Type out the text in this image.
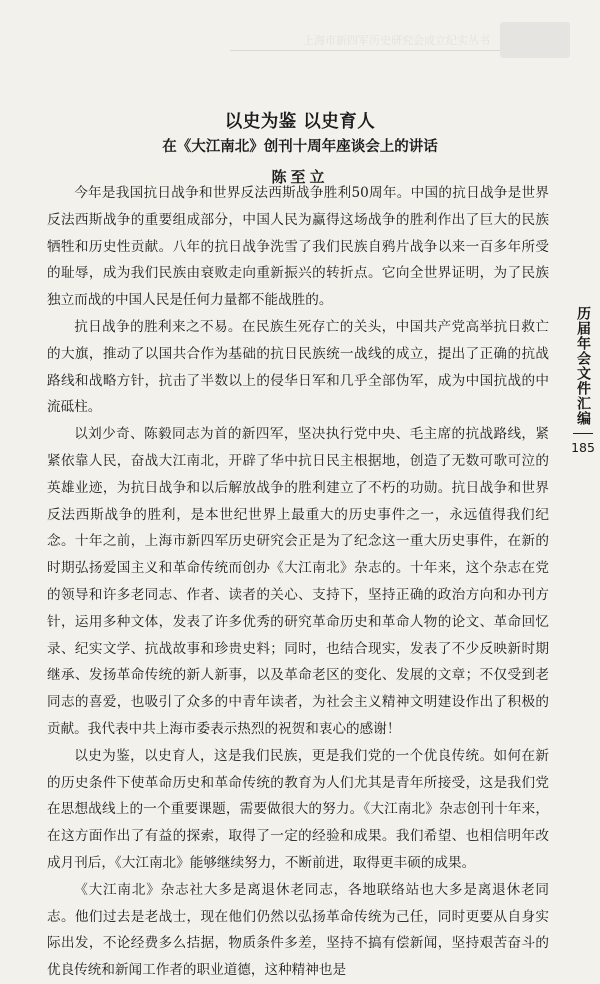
上海市新四军历史研究会成立纪实丛书
以史为鉴 以史育人
在《大江南北》创刊十周年座谈会上的讲话
陈至立

今年是我国抗日战争和世界反法西斯战争胜利50周年。中国的抗日战争是世界反法西斯战争的重要组成部分，中国人民为赢得这场战争的胜利作出了巨大的民族牺牲和历史性贡献。八年的抗日战争洗雪了我们民族自鸦片战争以来一百多年所受的耻辱，成为我们民族由衰败走向重新振兴的转折点。它向全世界证明，为了民族独立而战的中国人民是任何力量都不能战胜的。

抗日战争的胜利来之不易。在民族生死存亡的关头，中国共产党高举抗日救亡的大旗，推动了以国共合作为基础的抗日民族统一战线的成立，提出了正确的抗战路线和战略方针，抗击了半数以上的侵华日军和几乎全部伪军，成为中国抗战的中流砥柱。

以刘少奇、陈毅同志为首的新四军，坚决执行党中央、毛主席的抗战路线，紧紧依靠人民，奋战大江南北，开辟了华中抗日民主根据地，创造了无数可歌可泣的英雄业迹，为抗日战争和以后解放战争的胜利建立了不朽的功勋。抗日战争和世界反法西斯战争的胜利，是本世纪世界上最重大的历史事件之一，永远值得我们纪念。十年之前，上海市新四军历史研究会正是为了纪念这一重大历史事件，在新的时期弘扬爱国主义和革命传统而创办《大江南北》杂志的。十年来，这个杂志在党的领导和许多老同志、作者、读者的关心、支持下，坚持正确的政治方向和办刊方针，运用多种文体，发表了许多优秀的研究革命历史和革命人物的论文、革命回忆录、纪实文学、抗战故事和珍贵史料；同时，也结合现实，发表了不少反映新时期继承、发扬革命传统的新人新事，以及革命老区的变化、发展的文章；不仅受到老同志的喜爱，也吸引了众多的中青年读者，为社会主义精神文明建设作出了积极的贡献。我代表中共上海市委表示热烈的祝贺和衷心的感谢！

以史为鉴，以史育人，这是我们民族，更是我们党的一个优良传统。如何在新的历史条件下使革命历史和革命传统的教育为人们尤其是青年所接受，这是我们党在思想战线上的一个重要课题，需要做很大的努力。《大江南北》杂志创刊十年来，在这方面作出了有益的探索，取得了一定的经验和成果。我们希望、也相信明年改成月刊后，《大江南北》能够继续努力，不断前进，取得更丰硕的成果。

《大江南北》杂志社大多是离退休老同志，各地联络站也大多是离退休老同志。他们过去是老战士，现在他们仍然以弘扬革命传统为己任，同时更要从自身实际出发，不论经费多么拮据，物质条件多差，坚持不搞有偿新闻，坚持艰苦奋斗的优良传统和新闻工作者的职业道德，这种精神也是

历届年会文件汇编
185
